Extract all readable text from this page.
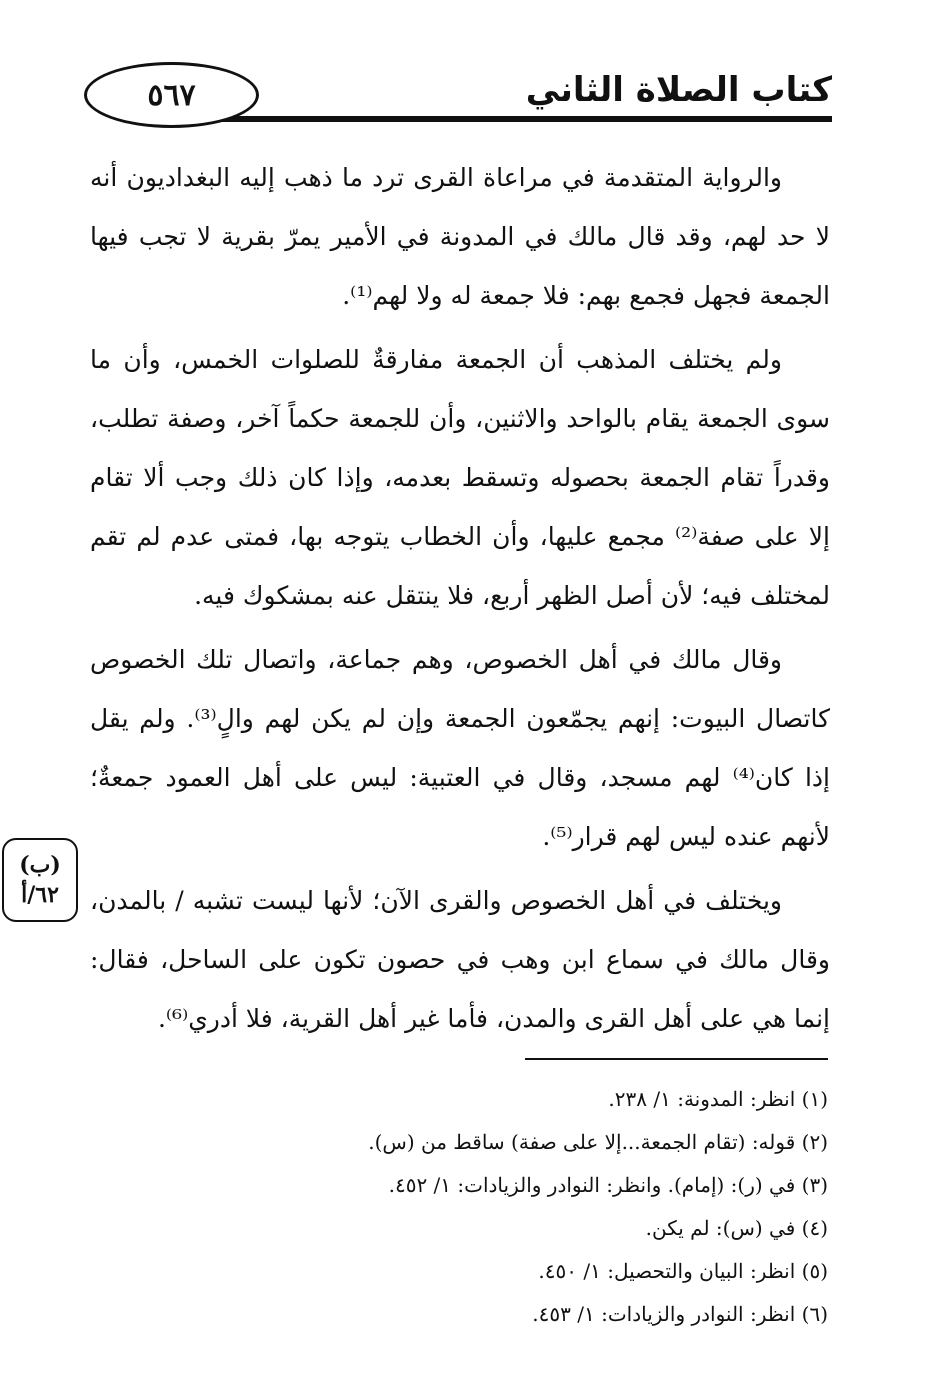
٥٦٧	كتاب الصلاة الثاني

والرواية المتقدمة في مراعاة القرى ترد ما ذهب إليه البغداديون أنه لا حد لهم، وقد قال مالك في المدونة في الأمير يمرّ بقرية لا تجب فيها الجمعة فجهل فجمع بهم: فلا جمعة له ولا لهم⁽¹⁾.

ولم يختلف المذهب أن الجمعة مفارقةٌ للصلوات الخمس، وأن ما سوى الجمعة يقام بالواحد والاثنين، وأن للجمعة حكماً آخر، وصفة تطلب، وقدراً تقام الجمعة بحصوله وتسقط بعدمه، وإذا كان ذلك وجب ألا تقام إلا على صفة⁽²⁾ مجمع عليها، وأن الخطاب يتوجه بها، فمتى عدم لم تقم لمختلف فيه؛ لأن أصل الظهر أربع، فلا ينتقل عنه بمشكوك فيه.

وقال مالك في أهل الخصوص، وهم جماعة، واتصال تلك الخصوص كاتصال البيوت: إنهم يجمّعون الجمعة وإن لم يكن لهم والٍ⁽³⁾. ولم يقل إذا كان⁽⁴⁾ لهم مسجد، وقال في العتبية: ليس على أهل العمود جمعةٌ؛ لأنهم عنده ليس لهم قرار⁽⁵⁾.

ويختلف في أهل الخصوص والقرى الآن؛ لأنها ليست تشبه / بالمدن، وقال مالك في سماع ابن وهب في حصون تكون على الساحل، فقال: إنما هي على أهل القرى والمدن، فأما غير أهل القرية، فلا أدري⁽⁶⁾.

(ب)
٦٢/أ
(١) انظر: المدونة: ١/ ٢٣٨.
(٢) قوله: (تقام الجمعة...إلا على صفة) ساقط من (س).
(٣) في (ر): (إمام). وانظر: النوادر والزيادات: ١/ ٤٥٢.
(٤) في (س): لم يكن.
(٥) انظر: البيان والتحصيل: ١/ ٤٥٠.
(٦) انظر: النوادر والزيادات: ١/ ٤٥٣.
